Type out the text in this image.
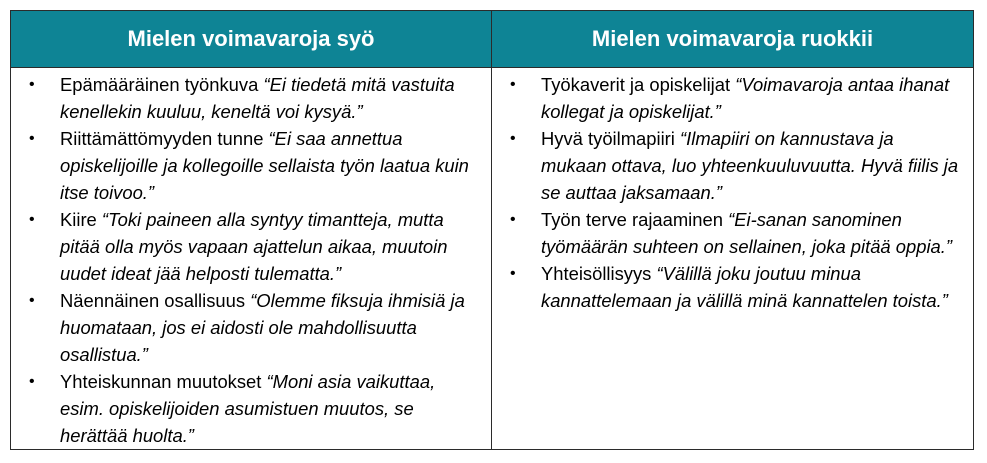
Mielen voimavaroja syö	Mielen voimavaroja ruokkii
• Epämääräinen työnkuva “Ei tiedetä mitä vastuita kenellekin kuuluu, keneltä voi kysyä.”
• Riittämättömyyden tunne “Ei saa annettua opiskelijoille ja kollegoille sellaista työn laatua kuin itse toivoo.”
• Kiire “Toki paineen alla syntyy timantteja, mutta pitää olla myös vapaan ajattelun aikaa, muutoin uudet ideat jää helposti tulematta.”
• Näennäinen osallisuus “Olemme fiksuja ihmisiä ja huomataan, jos ei aidosti ole mahdollisuutta osallistua.”
• Yhteiskunnan muutokset “Moni asia vaikuttaa, esim. opiskelijoiden asumistuen muutos, se herättää huolta.”
• Työkaverit ja opiskelijat “Voimavaroja antaa ihanat kollegat ja opiskelijat.”
• Hyvä työilmapiiri “Ilmapiiri on kannustava ja mukaan ottava, luo yhteenkuuluvuutta. Hyvä fiilis ja se auttaa jaksamaan.”
• Työn terve rajaaminen “Ei-sanan sanominen työmäärän suhteen on sellainen, joka pitää oppia.”
• Yhteisöllisyys “Välillä joku joutuu minua kannattelemaan ja välillä minä kannattelen toista.”
